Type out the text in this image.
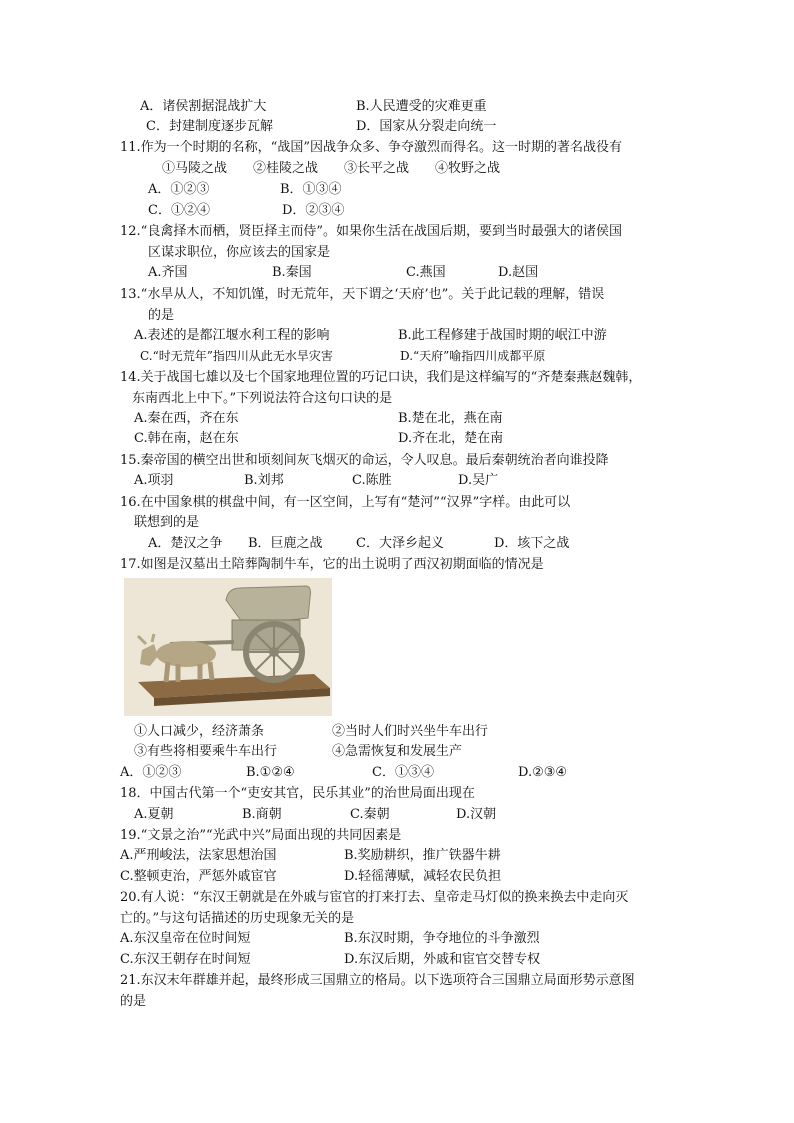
A．诸侯割据混战扩大	B.人民遭受的灾难更重
C．封建制度逐步瓦解	D．国家从分裂走向统一
11.作为一个时期的名称，“战国”因战争众多、争夺激烈而得名。这一时期的著名战役有
①马陵之战　　②桂陵之战　　③长平之战　　④牧野之战
A．①②③	B．①③④
C．①②④	D．②③④
12.“良禽择木而栖，贤臣择主而侍”。如果你生活在战国后期，要到当时最强大的诸侯国
区谋求职位，你应该去的国家是
A.齐国	B.秦国	C.燕国	D.赵国
13.“水旱从人，不知饥馑，时无荒年，天下谓之‘天府’也”。关于此记载的理解，错误
的是
A.表述的是都江堰水利工程的影响	B.此工程修建于战国时期的岷江中游
C.“时无荒年”指四川从此无水旱灾害	D.“天府”喻指四川成都平原
14.关于战国七雄以及七个国家地理位置的巧记口诀，我们是这样编写的“齐楚秦燕赵魏韩，
东南西北上中下。”下列说法符合这句口诀的是
A.秦在西，齐在东	B.楚在北，燕在南
C.韩在南，赵在东	D.齐在北，楚在南
15.秦帝国的横空出世和顷刻间灰飞烟灭的命运，令人叹息。最后秦朝统治者向谁投降
A.项羽	B.刘邦	C.陈胜	D.吴广
16.在中国象棋的棋盘中间，有一区空间，上写有“楚河”“汉界”字样。由此可以
联想到的是
A．楚汉之争 B．巨鹿之战	C．大泽乡起义	D．垓下之战
17.如图是汉墓出土陪葬陶制牛车，它的出土说明了西汉初期面临的情况是
①人口减少，经济萧条	②当时人们时兴坐牛车出行
③有些将相要乘牛车出行	④急需恢复和发展生产
A．①②③	B.①②④	C．①③④	D.②③④
18．中国古代第一个“吏安其官，民乐其业”的治世局面出现在
A.夏朝	B.商朝	C.秦朝	D.汉朝
19.“文景之治”“光武中兴”局面出现的共同因素是
A.严刑峻法，法家思想治国	B.奖励耕织，推广铁器牛耕
C.整顿吏治，严惩外戚宦官	D.轻徭薄赋，减轻农民负担
20.有人说：“东汉王朝就是在外戚与宦官的打来打去、皇帝走马灯似的换来换去中走向灭
亡的。”与这句话描述的历史现象无关的是
A.东汉皇帝在位时间短	B.东汉时期，争夺地位的斗争激烈
C.东汉王朝存在时间短	D.东汉后期，外戚和宦官交替专权
21.东汉末年群雄并起，最终形成三国鼎立的格局。以下选项符合三国鼎立局面形势示意图
的是
